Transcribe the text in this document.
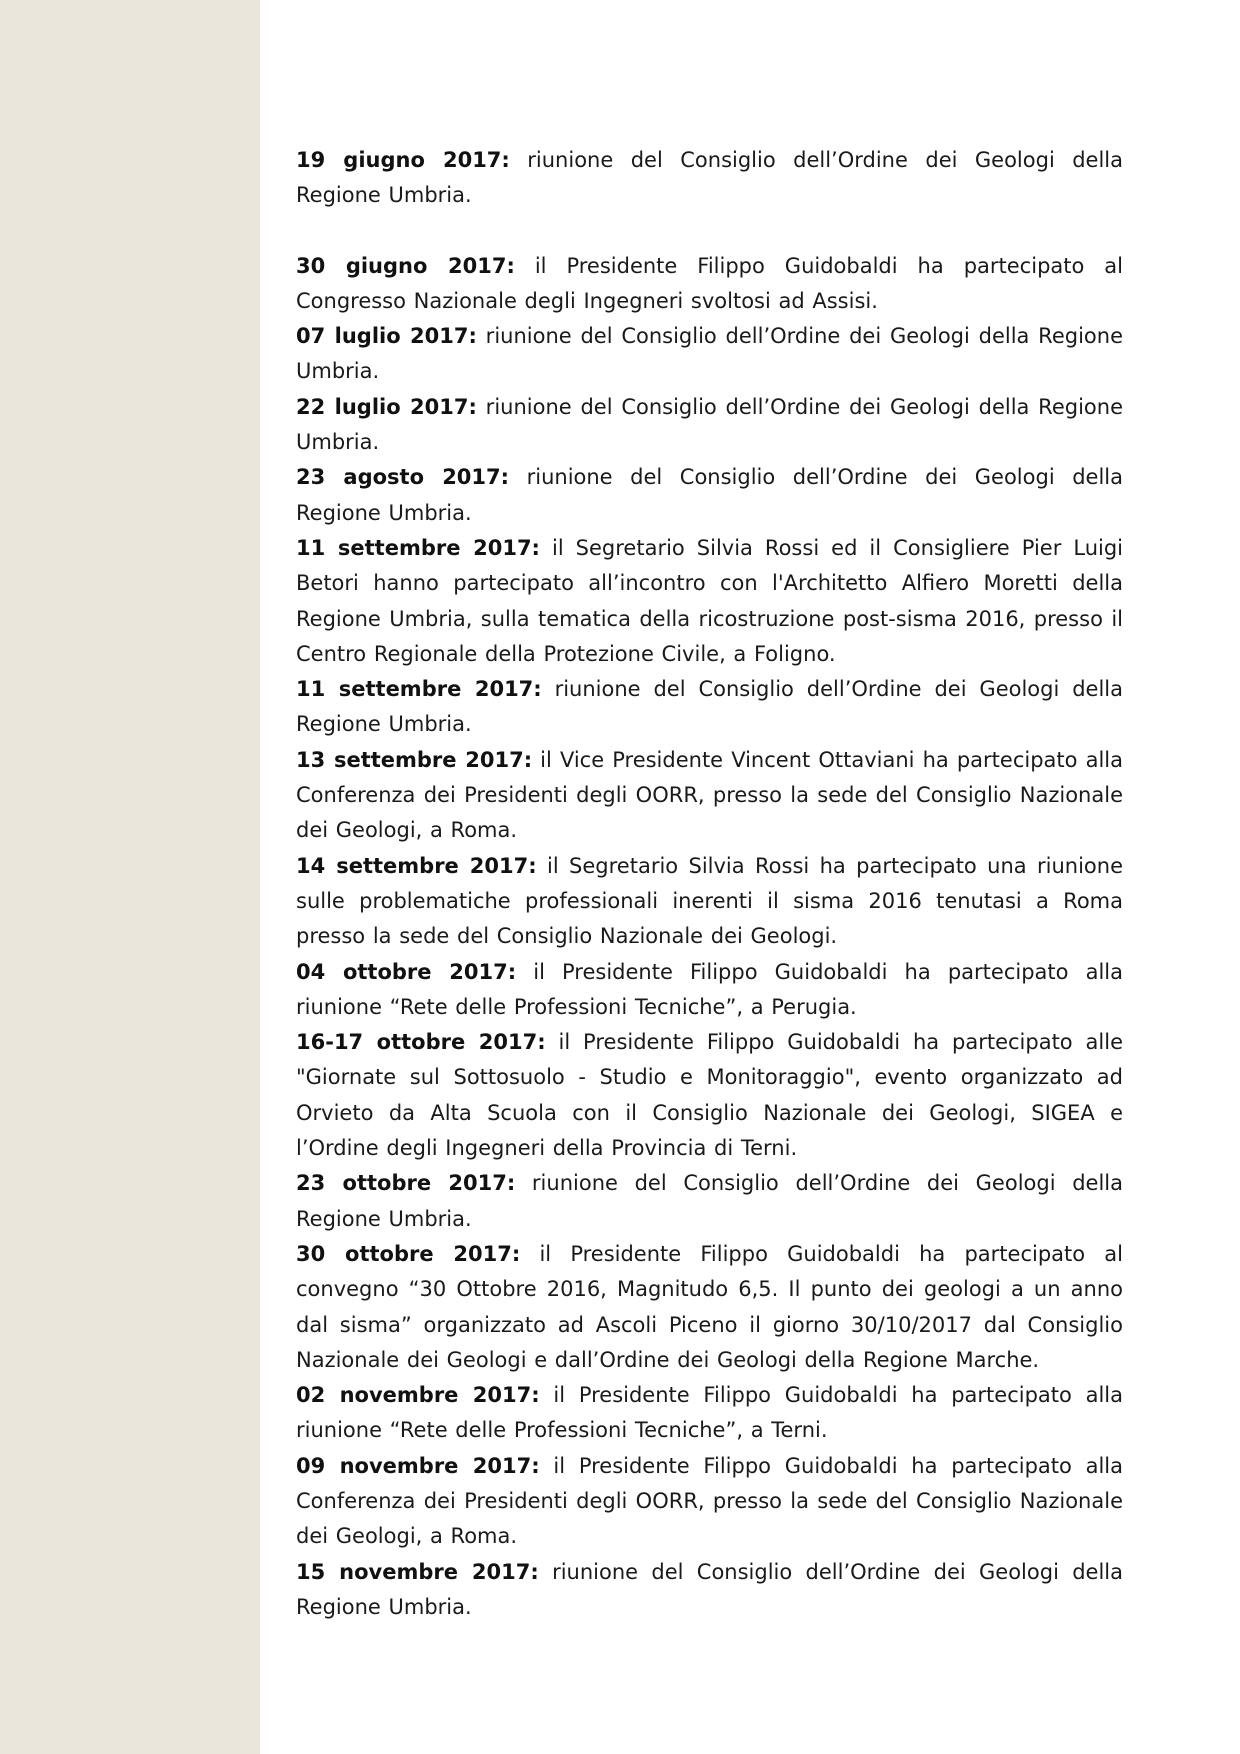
19 giugno 2017: riunione del Consiglio dell’Ordine dei Geologi della Regione Umbria.

30 giugno 2017: il Presidente Filippo Guidobaldi ha partecipato al Congresso Nazionale degli Ingegneri svoltosi ad Assisi.

07 luglio 2017: riunione del Consiglio dell’Ordine dei Geologi della Regione Umbria.

22 luglio 2017: riunione del Consiglio dell’Ordine dei Geologi della Regione Umbria.

23 agosto 2017: riunione del Consiglio dell’Ordine dei Geologi della Regione Umbria.

11 settembre 2017: il Segretario Silvia Rossi ed il Consigliere Pier Luigi Betori hanno partecipato all’incontro con l'Architetto Alfiero Moretti della Regione Umbria, sulla tematica della ricostruzione post-sisma 2016, presso il Centro Regionale della Protezione Civile, a Foligno.

11 settembre 2017: riunione del Consiglio dell’Ordine dei Geologi della Regione Umbria.

13 settembre 2017: il Vice Presidente Vincent Ottaviani ha partecipato alla Conferenza dei Presidenti degli OORR, presso la sede del Consiglio Nazionale dei Geologi, a Roma.

14 settembre 2017: il Segretario Silvia Rossi ha partecipato una riunione sulle problematiche professionali inerenti il sisma 2016 tenutasi a Roma presso la sede del Consiglio Nazionale dei Geologi.

04 ottobre 2017: il Presidente Filippo Guidobaldi ha partecipato alla riunione “Rete delle Professioni Tecniche”, a Perugia.

16-17 ottobre 2017: il Presidente Filippo Guidobaldi ha partecipato alle "Giornate sul Sottosuolo - Studio e Monitoraggio", evento organizzato ad Orvieto da Alta Scuola con il Consiglio Nazionale dei Geologi, SIGEA e l’Ordine degli Ingegneri della Provincia di Terni.

23 ottobre 2017: riunione del Consiglio dell’Ordine dei Geologi della Regione Umbria.

30 ottobre 2017: il Presidente Filippo Guidobaldi ha partecipato al convegno “30 Ottobre 2016, Magnitudo 6,5. Il punto dei geologi a un anno dal sisma” organizzato ad Ascoli Piceno il giorno 30/10/2017 dal Consiglio Nazionale dei Geologi e dall’Ordine dei Geologi della Regione Marche.

02 novembre 2017: il Presidente Filippo Guidobaldi ha partecipato alla riunione “Rete delle Professioni Tecniche”, a Terni.

09 novembre 2017: il Presidente Filippo Guidobaldi ha partecipato alla Conferenza dei Presidenti degli OORR, presso la sede del Consiglio Nazionale dei Geologi, a Roma.

15 novembre 2017: riunione del Consiglio dell’Ordine dei Geologi della Regione Umbria.
